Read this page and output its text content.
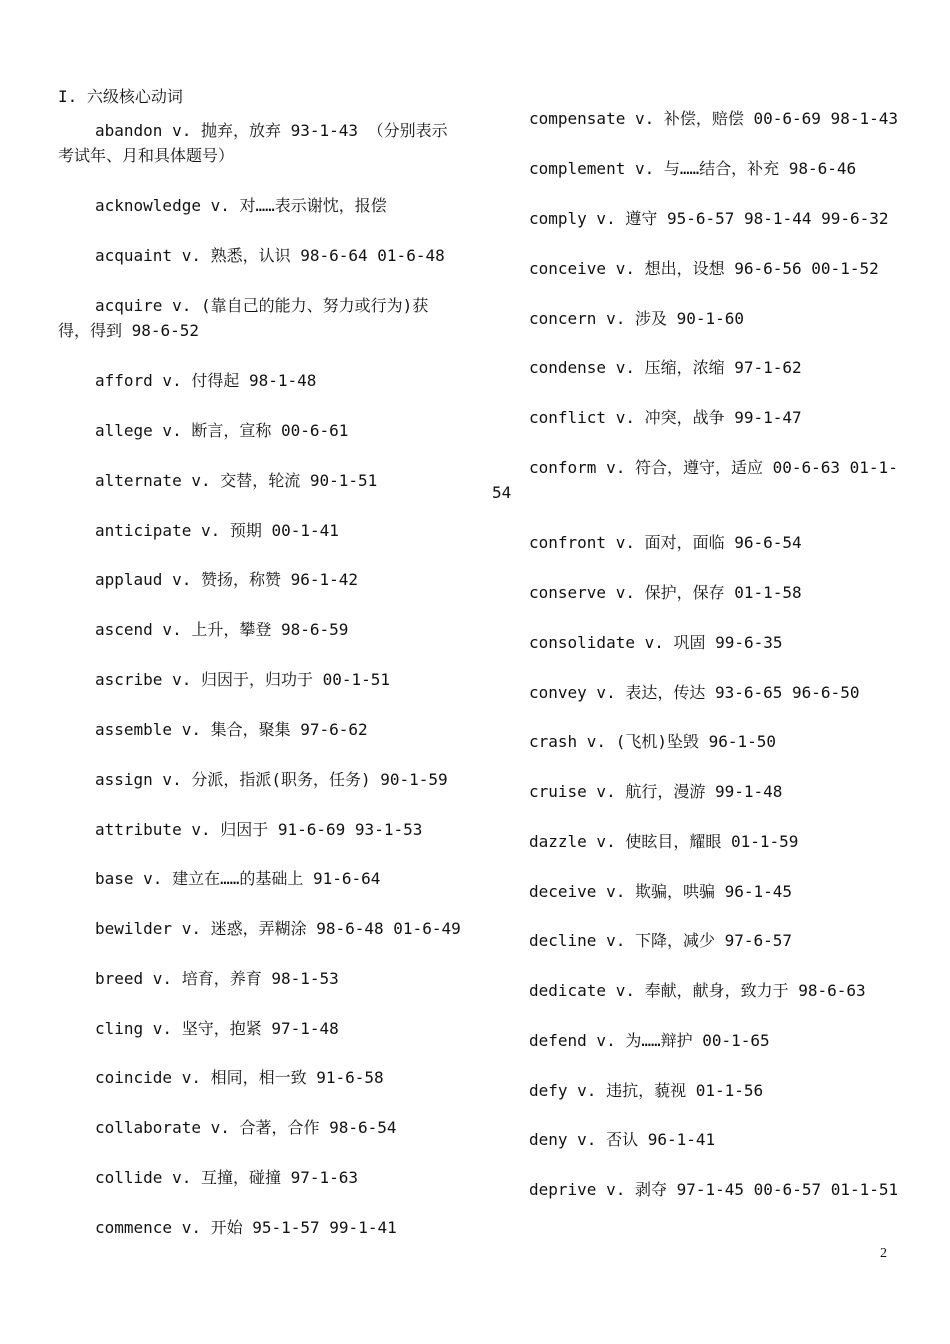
I. 六级核心动词
abandon v. 抛弃，放弃 93-1-43 （分别表示
考试年、月和具体题号）
acknowledge v. 对……表示谢忱，报偿
acquaint v. 熟悉，认识 98-6-64 01-6-48
acquire v. (靠自己的能力、努力或行为)获
得，得到 98-6-52
afford v. 付得起 98-1-48
allege v. 断言，宣称 00-6-61
alternate v. 交替，轮流 90-1-51
anticipate v. 预期 00-1-41
applaud v. 赞扬，称赞 96-1-42
ascend v. 上升，攀登 98-6-59
ascribe v. 归因于，归功于 00-1-51
assemble v. 集合，聚集 97-6-62
assign v. 分派，指派(职务，任务) 90-1-59
attribute v. 归因于 91-6-69 93-1-53
base v. 建立在……的基础上 91-6-64
bewilder v. 迷惑，弄糊涂 98-6-48 01-6-49
breed v. 培育，养育 98-1-53
cling v. 坚守，抱紧 97-1-48
coincide v. 相同，相一致 91-6-58
collaborate v. 合著，合作 98-6-54
collide v. 互撞，碰撞 97-1-63
commence v. 开始 95-1-57 99-1-41
compensate v. 补偿，赔偿 00-6-69 98-1-43
complement v. 与……结合，补充 98-6-46
comply v. 遵守 95-6-57 98-1-44 99-6-32
conceive v. 想出，设想 96-6-56 00-1-52
concern v. 涉及 90-1-60
condense v. 压缩，浓缩 97-1-62
conflict v. 冲突，战争 99-1-47
conform v. 符合，遵守，适应 00-6-63 01-1-
54
confront v. 面对，面临 96-6-54
conserve v. 保护，保存 01-1-58
consolidate v. 巩固 99-6-35
convey v. 表达，传达 93-6-65 96-6-50
crash v. (飞机)坠毁 96-1-50
cruise v. 航行，漫游 99-1-48
dazzle v. 使眩目，耀眼 01-1-59
deceive v. 欺骗，哄骗 96-1-45
decline v. 下降，减少 97-6-57
dedicate v. 奉献，献身，致力于 98-6-63
defend v. 为……辩护 00-1-65
defy v. 违抗，藐视 01-1-56
deny v. 否认 96-1-41
deprive v. 剥夺 97-1-45 00-6-57 01-1-51
2
